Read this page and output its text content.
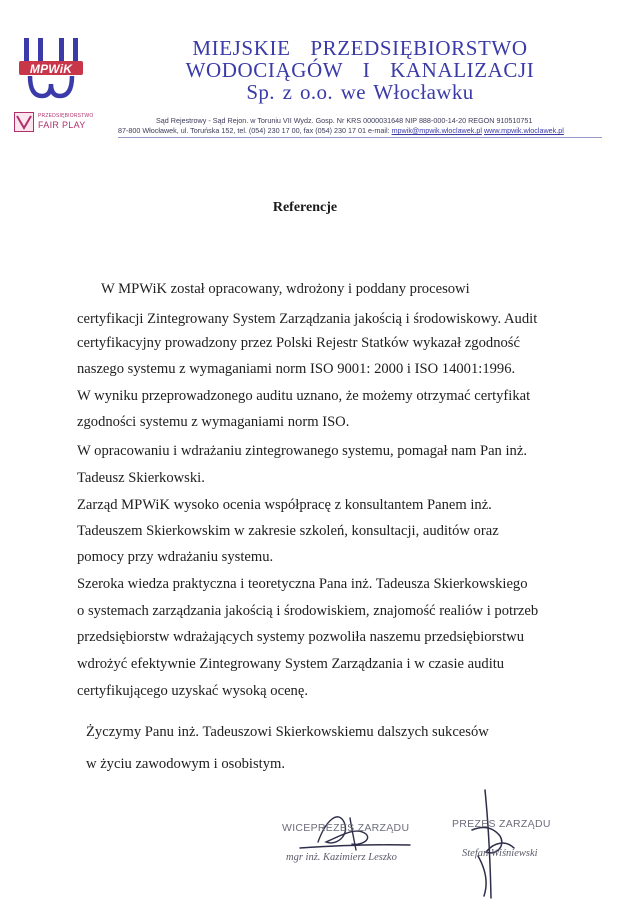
MPWiK
PRZEDSIĘBIORSTWO
FAIR PLAY
MIEJSKIE PRZEDSIĘBIORSTWO
WODOCIĄGÓW I KANALIZACJI
Sp. z o.o. we Włocławku
Sąd Rejestrowy - Sąd Rejon. w Toruniu VII Wydz. Gosp. Nr KRS 0000031648 NIP 888-000-14-20 REGON 910510751
87-800 Włocławek, ul. Toruńska 152, tel. (054) 230 17 00, fax (054) 230 17 01 e-mail: mpwik@mpwik.wloclawek.pl www.mpwik.wloclawek.pl
Referencje
W MPWiK został opracowany, wdrożony i poddany procesowi
certyfikacji Zintegrowany System Zarządzania jakością i środowiskowy. Audit
certyfikacyjny prowadzony przez Polski Rejestr Statków wykazał zgodność
naszego systemu z wymaganiami norm ISO 9001: 2000 i ISO 14001:1996.
W wyniku przeprowadzonego auditu uznano, że możemy otrzymać certyfikat
zgodności systemu z wymaganiami norm ISO.
W opracowaniu i wdrażaniu zintegrowanego systemu, pomagał nam Pan inż.
Tadeusz Skierkowski.
Zarząd MPWiK wysoko ocenia współpracę z konsultantem Panem inż.
Tadeuszem Skierkowskim w zakresie szkoleń, konsultacji, auditów oraz
pomocy przy wdrażaniu systemu.
Szeroka wiedza praktyczna i teoretyczna Pana inż. Tadeusza Skierkowskiego
o systemach zarządzania jakością i środowiskiem, znajomość realiów i potrzeb
przedsiębiorstw wdrażających systemy pozwoliła naszemu przedsiębiorstwu
wdrożyć efektywnie Zintegrowany System Zarządzania i w czasie auditu
certyfikującego uzyskać wysoką ocenę.
Życzymy Panu inż. Tadeuszowi Skierkowskiemu dalszych sukcesów
w życiu zawodowym i osobistym.
WICEPREZES ZARZĄDU
mgr inż. Kazimierz Leszko
PREZES ZARZĄDU
Stefan Wiśniewski
